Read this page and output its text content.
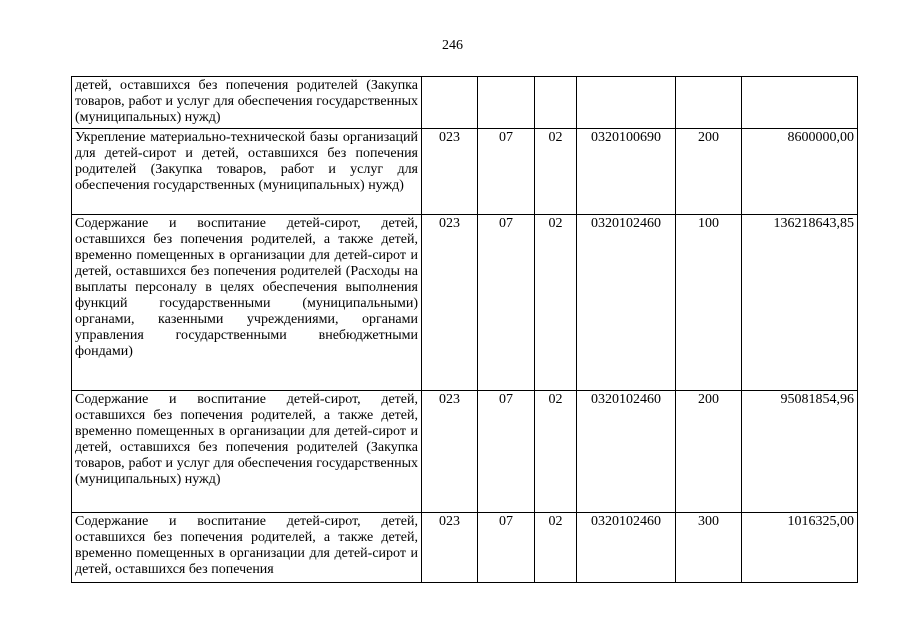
246
детей, оставшихся без попечения родителей (Закупка товаров, работ и услуг для обеспечения государственных (муниципальных) нужд)						
Укрепление материально-технической базы организаций для детей-сирот и детей, оставшихся без попечения родителей (Закупка товаров, работ и услуг для обеспечения государственных (муниципальных) нужд)	023	07	02	0320100690	200	8600000,00
Содержание и воспитание детей-сирот, детей, оставшихся без попечения родителей, а также детей, временно помещенных в организации для детей-сирот и детей, оставшихся без попечения родителей (Расходы на выплаты персоналу в целях обеспечения выполнения функций государственными (муниципальными) органами, казенными учреждениями, органами управления государственными внебюджетными фондами)	023	07	02	0320102460	100	136218643,85
Содержание и воспитание детей-сирот, детей, оставшихся без попечения родителей, а также детей, временно помещенных в организации для детей-сирот и детей, оставшихся без попечения родителей (Закупка товаров, работ и услуг для обеспечения государственных (муниципальных) нужд)	023	07	02	0320102460	200	95081854,96
Содержание и воспитание детей-сирот, детей, оставшихся без попечения родителей, а также детей, временно помещенных в организации для детей-сирот и детей, оставшихся без попечения	023	07	02	0320102460	300	1016325,00
